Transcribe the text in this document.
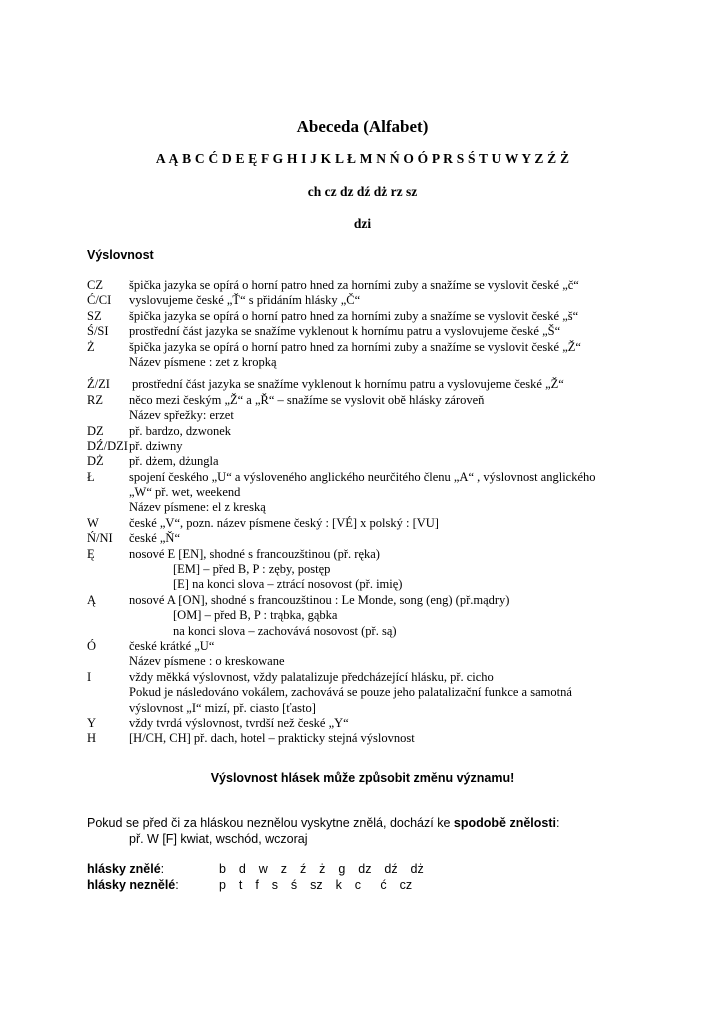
Abeceda (Alfabet)
A Ą B C Ć D E Ę F G H I J K L Ł M N Ń O Ó P R S Ś T U W Y Z Ź Ż
ch cz dz dź dż rz sz
dzi
Výslovnost
CZ špička jazyka se opírá o horní patro hned za horními zuby a snažíme se vyslovit české „č“
Ć/CI vyslovujeme české „Ť“ s přidáním hlásky „Č“
SZ špička jazyka se opírá o horní patro hned za horními zuby a snažíme se vyslovit české „š“
Ś/SI prostřední část jazyka se snažíme vyklenout k hornímu patru a vyslovujeme české „Š“
Ż	špička jazyka se opírá o horní patro hned za horními zuby a snažíme se vyslovit české „Ž“
Název písmene : zet z kropką
Ź/ZI prostřední část jazyka se snažíme vyklenout k hornímu patru a vyslovujeme české „Ž“
RZ něco mezi českým „Ž“ a „Ř“ – snažíme se vyslovit obě hlásky zároveň
Název spřežky: erzet
DZ př. bardzo, dzwonek
DŹ/DZI př. dziwny
DŻ př. dżem, dżungla
Ł	spojení českého „U“ a výsloveného anglického neurčitého členu „A“ , výslovnost anglického
„W“ př. wet, weekend
Název písmene: el z kreską
W české „V“, pozn. název písmene český : [VÉ] x polský : [VU]
Ń/NI české „Ň“
Ę	nosové E [EN], shodné s francouzštinou (př. ręka)
[EM] – před B, P : zęby, postęp
[E] na konci slova – ztrácí nosovost (př. imię)
Ą	nosové A [ON], shodné s francouzštinou : Le Monde, song (eng) (př.mądry)
[OM] – před B, P : trąbka, gąbka
na konci slova – zachovává nosovost (př. są)
Ó	české krátké „U“
Název písmene : o kreskowane
I	vždy měkká výslovnost, vždy palatalizuje předcházející hlásku, př. cicho
Pokud je následováno vokálem, zachovává se pouze jeho palatalizační funkce a samotná
výslovnost „I“ mizí, př. ciasto [ťasto]
Y	vždy tvrdá výslovnost, tvrdší než české „Y“
H	[H/CH, CH] př. dach, hotel – prakticky stejná výslovnost
Výslovnost hlásek může způsobit změnu významu!
Pokud se před či za hláskou neznělou vyskytne znělá, dochází ke spodobě znělosti:
př. W [F] kwiat, wschód, wczoraj
hlásky znělé:	b  d  w  z  ź  ż  g  dz  dź  dż
hlásky neznělé:	p  t  f  s  ś  sz  k  c   ć  cz
